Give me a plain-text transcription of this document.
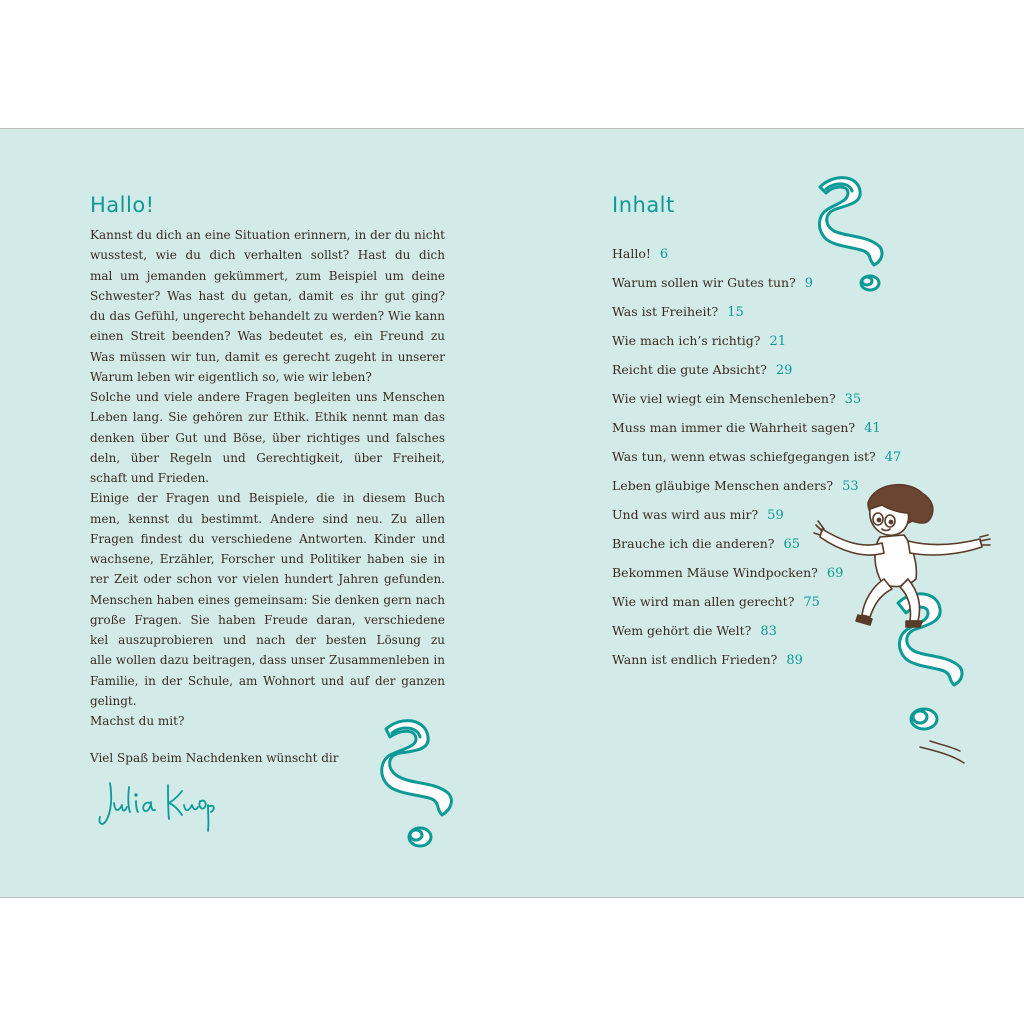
Hallo!
Kannst du dich an eine Situation erinnern, in der du nicht
wusstest, wie du dich verhalten sollst? Hast du dich
mal um jemanden gekümmert, zum Beispiel um deine
Schwester? Was hast du getan, damit es ihr gut ging?
du das Gefühl, ungerecht behandelt zu werden? Wie kann
einen Streit beenden? Was bedeutet es, ein Freund zu
Was müssen wir tun, damit es gerecht zugeht in unserer
Warum leben wir eigentlich so, wie wir leben?
Solche und viele andere Fragen begleiten uns Menschen
Leben lang. Sie gehören zur Ethik. Ethik nennt man das
denken über Gut und Böse, über richtiges und falsches
deln, über Regeln und Gerechtigkeit, über Freiheit,
schaft und Frieden.
Einige der Fragen und Beispiele, die in diesem Buch
men, kennst du bestimmt. Andere sind neu. Zu allen
Fragen findest du verschiedene Antworten. Kinder und
wachsene, Erzähler, Forscher und Politiker haben sie in
rer Zeit oder schon vor vielen hundert Jahren gefunden.
Menschen haben eines gemeinsam: Sie denken gern nach
große Fragen. Sie haben Freude daran, verschiedene
kel auszuprobieren und nach der besten Lösung zu
alle wollen dazu beitragen, dass unser Zusammenleben in
Familie, in der Schule, am Wohnort und auf der ganzen
gelingt.
Machst du mit?
Viel Spaß beim Nachdenken wünscht dir
Inhalt
Hallo! 6
Warum sollen wir Gutes tun? 9
Was ist Freiheit? 15
Wie mach ich’s richtig? 21
Reicht die gute Absicht? 29
Wie viel wiegt ein Menschenleben? 35
Muss man immer die Wahrheit sagen? 41
Was tun, wenn etwas schiefgegangen ist? 47
Leben gläubige Menschen anders? 53
Und was wird aus mir? 59
Brauche ich die anderen? 65
Bekommen Mäuse Windpocken? 69
Wie wird man allen gerecht? 75
Wem gehört die Welt? 83
Wann ist endlich Frieden? 89
